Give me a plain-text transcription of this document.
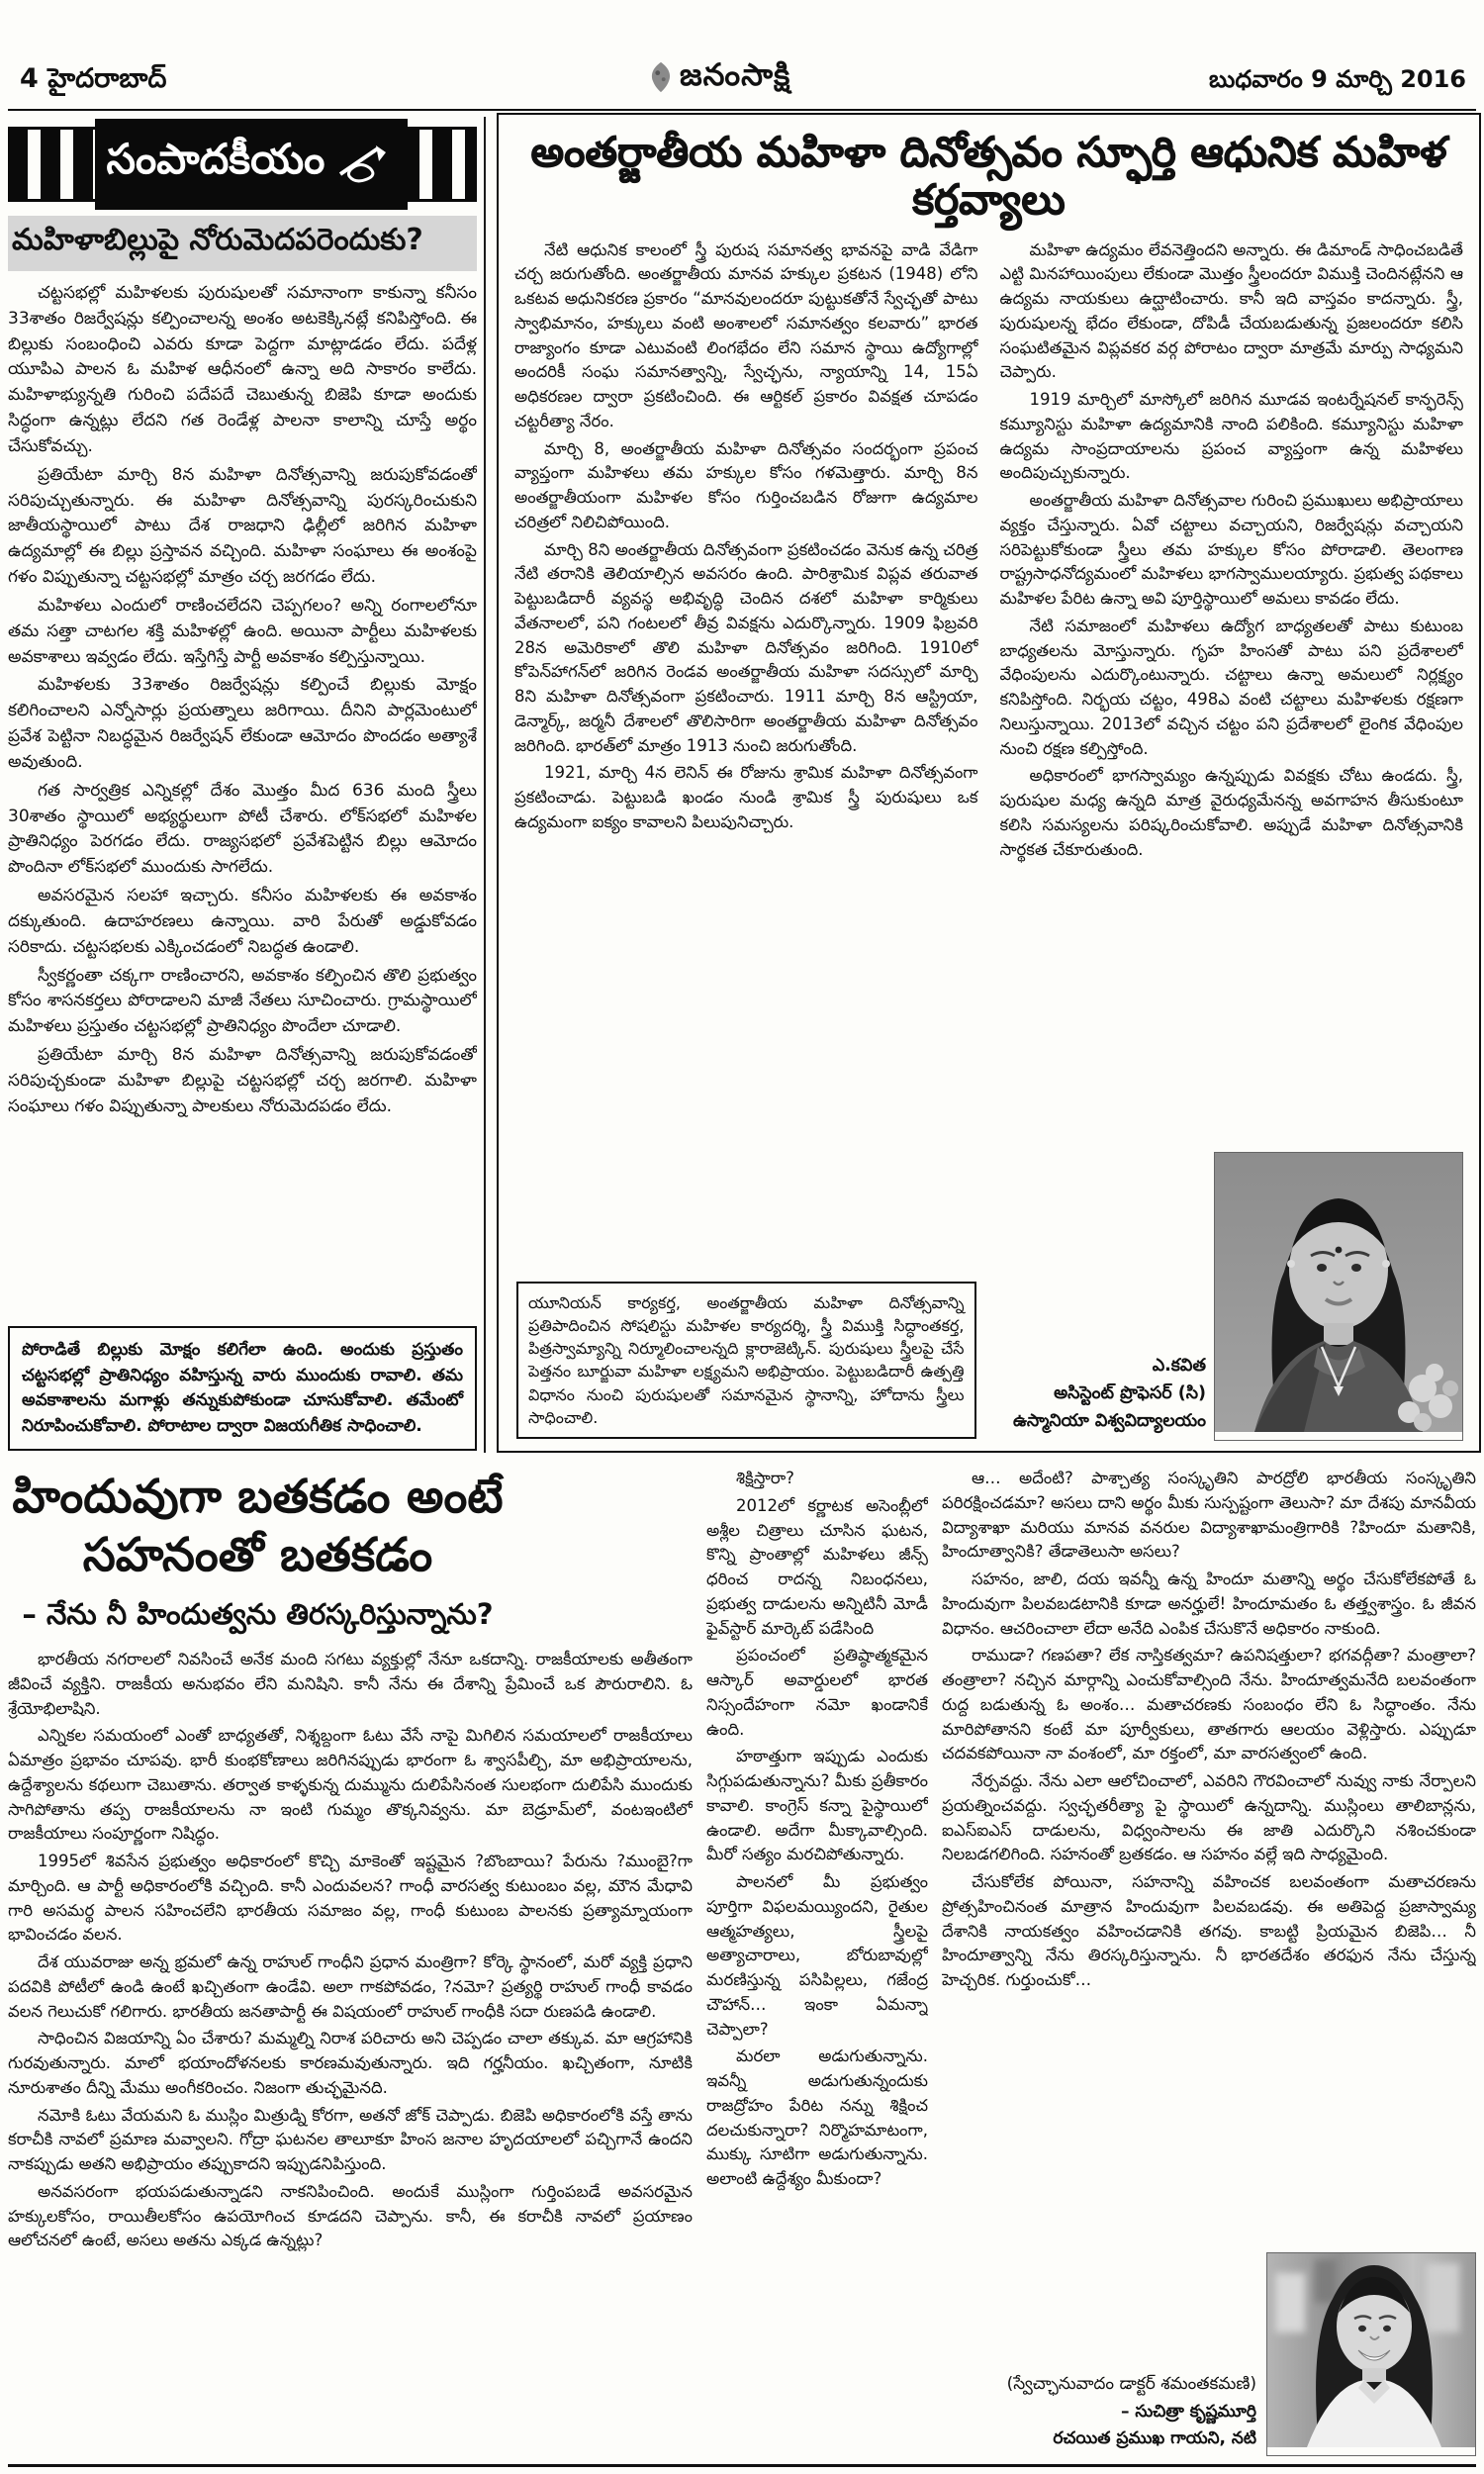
4 హైదరాబాద్	జనంసాక్షి	బుధవారం 9 మార్చి 2016
సంపాదకీయం
మహిళాబిల్లుపై నోరుమెదపరెందుకు?

చట్టసభల్లో మహిళలకు పురుషులతో సమానాంగా కాకున్నా కనీసం 33శాతం రిజర్వేషన్లు కల్పించాలన్న అంశం అటకెక్కినట్లే కనిపిస్తోంది. ఈ బిల్లుకు సంబంధించి ఎవరు కూడా పెద్దగా మాట్లాడడం లేదు. పదేళ్ల యూపిఎ పాలన ఓ మహిళ ఆధీనంలో ఉన్నా అది సాకారం కాలేదు. మహిళాభ్యున్నతి గురించి పదేపదే చెబుతున్న బిజెపి కూడా అందుకు సిద్ధంగా ఉన్నట్లు లేదని గత రెండేళ్ల పాలనా కాలాన్ని చూస్తే అర్థం చేసుకోవచ్చు.

ప్రతియేటా మార్చి 8న మహిళా దినోత్సవాన్ని జరుపుకోవడంతో సరిపుచ్చుతున్నారు. ఈ మహిళా దినోత్సవాన్ని పురస్కరించుకుని జాతీయస్థాయిలో పాటు దేశ రాజధాని ఢిల్లీలో జరిగిన మహిళా ఉద్యమాల్లో ఈ బిల్లు ప్రస్తావన వచ్చింది. మహిళా సంఘాలు ఈ అంశంపై గళం విప్పుతున్నా చట్టసభల్లో మాత్రం చర్చ జరగడం లేదు.

మహిళలు ఎందులో రాణించలేదని చెప్పగలం? అన్ని రంగాలలోనూ తమ సత్తా చాటగల శక్తి మహిళల్లో ఉంది. అయినా పార్టీలు మహిళలకు అవకాశాలు ఇవ్వడం లేదు. ఇస్తేగిస్తే పార్టీ అవకాశం కల్పిస్తున్నాయి.

మహిళలకు 33శాతం రిజర్వేషన్లు కల్పించే బిల్లుకు మోక్షం కలిగించాలని ఎన్నోసార్లు ప్రయత్నాలు జరిగాయి. దీనిని పార్లమెంటులో ప్రవేశ పెట్టినా నిబద్ధమైన రిజర్వేషన్ లేకుండా ఆమోదం పొందడం అత్యాశే అవుతుంది.

గత సార్వత్రిక ఎన్నికల్లో దేశం మొత్తం మీద 636 మంది స్త్రీలు 30శాతం స్థాయిలో అభ్యర్థులుగా పోటీ చేశారు. లోక్‌సభలో మహిళల ప్రాతినిధ్యం పెరగడం లేదు. రాజ్యసభలో ప్రవేశపెట్టిన బిల్లు ఆమోదం పొందినా లోక్‌సభలో ముందుకు సాగలేదు.

అవసరమైన సలహా ఇచ్చారు. కనీసం మహిళలకు ఈ అవకాశం దక్కుతుంది. ఉదాహరణలు ఉన్నాయి. వారి పేరుతో అడ్డుకోవడం సరికాదు. చట్టసభలకు ఎక్కించడంలో నిబద్ధత ఉండాలి.

స్వీకర్ణంతా చక్కగా రాణించారని, అవకాశం కల్పించిన తొలి ప్రభుత్వం కోసం శాసనకర్తలు పోరాడాలని మాజీ నేతలు సూచించారు. గ్రామస్థాయిలో మహిళలు ప్రస్తుతం చట్టసభల్లో ప్రాతినిధ్యం పొందేలా చూడాలి.

ప్రతియేటా మార్చి 8న మహిళా దినోత్సవాన్ని జరుపుకోవడంతో సరిపుచ్చకుండా మహిళా బిల్లుపై చట్టసభల్లో చర్చ జరగాలి. మహిళా సంఘాలు గళం విప్పుతున్నా పాలకులు నోరుమెదపడం లేదు.

పోరాడితే బిల్లుకు మోక్షం కలిగేలా ఉంది. అందుకు ప్రస్తుతం చట్టసభల్లో ప్రాతినిధ్యం వహిస్తున్న వారు ముందుకు రావాలి. తమ అవకాశాలను మగాళ్లు తన్నుకుపోకుండా చూసుకోవాలి. తమేంటో నిరూపించుకోవాలి. పోరాటాల ద్వారా విజయగీతిక సాధించాలి.
అంతర్జాతీయ మహిళా దినోత్సవం స్ఫూర్తి ఆధునిక మహిళ కర్తవ్యాలు

నేటి ఆధునిక కాలంలో స్త్రీ పురుష సమానత్వ భావనపై వాడి వేడిగా చర్చ జరుగుతోంది. అంతర్జాతీయ మానవ హక్కుల ప్రకటన (1948) లోని ఒకటవ అధునికరణ ప్రకారం “మానవులందరూ పుట్టుకతోనే స్వేచ్ఛతో పాటు స్వాభిమానం, హక్కులు వంటి అంశాలలో సమానత్వం కలవారు” భారత రాజ్యాంగం కూడా ఎటువంటి లింగభేదం లేని సమాన స్థాయి ఉద్యోగాల్లో అందరికీ సంఘ సమానత్వాన్ని, స్వేచ్ఛను, న్యాయాన్ని 14, 15ఏ అధికరణల ద్వారా ప్రకటించింది. ఈ ఆర్టికల్ ప్రకారం వివక్షత చూపడం చట్టరీత్యా నేరం.

మార్చి 8, అంతర్జాతీయ మహిళా దినోత్సవం సందర్భంగా ప్రపంచ వ్యాప్తంగా మహిళలు తమ హక్కుల కోసం గళమెత్తారు. మార్చి 8న అంతర్జాతీయంగా మహిళల కోసం గుర్తించబడిన రోజుగా ఉద్యమాల చరిత్రలో నిలిచిపోయింది.

మార్చి 8ని అంతర్జాతీయ దినోత్సవంగా ప్రకటించడం వెనుక ఉన్న చరిత్ర నేటి తరానికి తెలియాల్సిన అవసరం ఉంది. పారిశ్రామిక విప్లవ తరువాత పెట్టుబడిదారీ వ్యవస్థ అభివృద్ధి చెందిన దశలో మహిళా కార్మికులు వేతనాలలో, పని గంటలలో తీవ్ర వివక్షను ఎదుర్కొన్నారు. 1909 ఫిబ్రవరి 28న అమెరికాలో తొలి మహిళా దినోత్సవం జరిగింది. 1910లో కోపెన్‌హాగన్‌లో జరిగిన రెండవ అంతర్జాతీయ మహిళా సదస్సులో మార్చి 8ని మహిళా దినోత్సవంగా ప్రకటించారు. 1911 మార్చి 8న ఆస్ట్రియా, డెన్మార్క్, జర్మనీ దేశాలలో తొలిసారిగా అంతర్జాతీయ మహిళా దినోత్సవం జరిగింది. భారత్‌లో మాత్రం 1913 నుంచి జరుగుతోంది.

1921, మార్చి 4న లెనిన్ ఈ రోజును శ్రామిక మహిళా దినోత్సవంగా ప్రకటించాడు. పెట్టుబడి ఖండం నుండి శ్రామిక స్త్రీ పురుషులు ఒక ఉద్యమంగా ఐక్యం కావాలని పిలుపునిచ్చారు.

యూనియన్ కార్యకర్త, అంతర్జాతీయ మహిళా దినోత్సవాన్ని ప్రతిపాదించిన సోషలిస్టు మహిళల కార్యదర్శి, స్త్రీ విముక్తి సిద్ధాంతకర్త, పిత్రస్వామ్యాన్ని నిర్మూలించాలన్నది క్లారాజెట్కిన్. పురుషులు స్త్రీలపై చేసే పెత్తనం బూర్జువా మహిళా లక్ష్యమని అభిప్రాయం. పెట్టుబడిదారీ ఉత్పత్తి విధానం నుంచి పురుషులతో సమానమైన స్థానాన్ని, హోదాను స్త్రీలు సాధించాలి.

మహిళా ఉద్యమం లేవనెత్తిందని అన్నారు. ఈ డిమాండ్ సాధించబడితే ఎట్టి మినహాయింపులు లేకుండా మొత్తం స్త్రీలందరూ విముక్తి చెందినట్లేనని ఆ ఉద్యమ నాయకులు ఉద్ఘాటించారు. కానీ ఇది వాస్తవం కాదన్నారు. స్త్రీ, పురుషులన్న భేదం లేకుండా, దోపిడీ చేయబడుతున్న ప్రజలందరూ కలిసి సంఘటితమైన విప్లవకర వర్గ పోరాటం ద్వారా మాత్రమే మార్పు సాధ్యమని చెప్పారు.

1919 మార్చిలో మాస్కోలో జరిగిన మూడవ ఇంటర్నేషనల్ కాన్ఫరెన్స్ కమ్యూనిస్టు మహిళా ఉద్యమానికి నాంది పలికింది. కమ్యూనిస్టు మహిళా ఉద్యమ సాంప్రదాయాలను ప్రపంచ వ్యాప్తంగా ఉన్న మహిళలు అందిపుచ్చుకున్నారు.

అంతర్జాతీయ మహిళా దినోత్సవాల గురించి ప్రముఖులు అభిప్రాయాలు వ్యక్తం చేస్తున్నారు. ఏవో చట్టాలు వచ్చాయని, రిజర్వేషన్లు వచ్చాయని సరిపెట్టుకోకుండా స్త్రీలు తమ హక్కుల కోసం పోరాడాలి. తెలంగాణ రాష్ట్రసాధనోద్యమంలో మహిళలు భాగస్వాములయ్యారు. ప్రభుత్వ పథకాలు మహిళల పేరిట ఉన్నా అవి పూర్తిస్థాయిలో అమలు కావడం లేదు.

నేటి సమాజంలో మహిళలు ఉద్యోగ బాధ్యతలతో పాటు కుటుంబ బాధ్యతలను మోస్తున్నారు. గృహ హింసతో పాటు పని ప్రదేశాలలో వేధింపులను ఎదుర్కొంటున్నారు. చట్టాలు ఉన్నా అమలులో నిర్లక్ష్యం కనిపిస్తోంది. నిర్భయ చట్టం, 498ఎ వంటి చట్టాలు మహిళలకు రక్షణగా నిలుస్తున్నాయి. 2013లో వచ్చిన చట్టం పని ప్రదేశాలలో లైంగిక వేధింపుల నుంచి రక్షణ కల్పిస్తోంది.

అధికారంలో భాగస్వామ్యం ఉన్నప్పుడు వివక్షకు చోటు ఉండదు. స్త్రీ, పురుషుల మధ్య ఉన్నది మాత్ర వైరుధ్యమేనన్న అవగాహన తీసుకుంటూ కలిసి సమస్యలను పరిష్కరించుకోవాలి. అప్పుడే మహిళా దినోత్సవానికి సార్థకత చేకూరుతుంది.

ఎ.కవిత
అసిస్టెంట్ ప్రొఫెసర్ (సి)
ఉస్మానియా విశ్వవిద్యాలయం
హిందువుగా బతకడం అంటే
సహనంతో బతకడం
– నేను నీ హిందుత్వను తిరస్కరిస్తున్నాను?

భారతీయ నగరాలలో నివసించే అనేక మంది సగటు వ్యక్తుల్లో నేనూ ఒకదాన్ని. రాజకీయాలకు అతీతంగా జీవించే వ్యక్తిని. రాజకీయ అనుభవం లేని మనిషిని. కానీ నేను ఈ దేశాన్ని ప్రేమించే ఒక పౌరురాలిని. ఓ శ్రేయోభిలాషిని.

ఎన్నికల సమయంలో ఎంతో బాధ్యతతో, నిశ్శబ్దంగా ఓటు వేసే నాపై మిగిలిన సమయాలలో రాజకీయాలు ఏమాత్రం ప్రభావం చూపవు. భారీ కుంభకోణాలు జరిగినప్పుడు భారంగా ఓ శ్వాసపీల్చి, మా అభిప్రాయాలను, ఉద్దేశ్యాలను కథలుగా చెబుతాను. తర్వాత కాళ్ళకున్న దుమ్మును దులిపేసినంత సులభంగా దులిపేసి ముందుకు సాగిపోతాను తప్ప రాజకీయాలను నా ఇంటి గుమ్మం తొక్కనివ్వను. మా బెడ్రూమ్‌లో, వంటఇంటిలో రాజకీయాలు సంపూర్ణంగా నిషిద్ధం.

1995లో శివసేన ప్రభుత్వం అధికారంలో కొచ్చి మాకెంతో ఇష్టమైన ?బొంబాయి? పేరును ?ముంబై?గా మార్చింది. ఆ పార్టీ అధికారంలోకి వచ్చింది. కానీ ఎందువలన? గాంధీ వారసత్వ కుటుంబం వల్ల, మౌన మేధావి గారి అసమర్థ పాలన సహించలేని భారతీయ సమాజం వల్ల, గాంధీ కుటుంబ పాలనకు ప్రత్యామ్నాయంగా భావించడం వలన.

దేశ యువరాజు అన్న భ్రమలో ఉన్న రాహుల్ గాంధీని ప్రధాన మంత్రిగా? కోర్కె స్థానంలో, మరో వ్యక్తి ప్రధాని పదవికి పోటీలో ఉండి ఉంటే ఖచ్చితంగా ఉండేవి. అలా గాకపోవడం, ?నమో? ప్రత్యర్థి రాహుల్ గాంధీ కావడం వలన గెలుచుకో గలిగారు. భారతీయ జనతాపార్టీ ఈ విషయంలో రాహుల్ గాంధీకి సదా రుణపడి ఉండాలి.

సాధించిన విజయాన్ని ఏం చేశారు? మమ్మల్ని నిరాశ పరిచారు అని చెప్పడం చాలా తక్కువ. మా ఆగ్రహానికి గురవుతున్నారు. మాలో భయాందోళనలకు కారణమవుతున్నారు. ఇది గర్హనీయం. ఖచ్చితంగా, నూటికి నూరుశాతం దీన్ని మేము అంగీకరించం. నిజంగా తుచ్ఛమైనది.

నమోకి ఓటు వేయమని ఓ ముస్లిం మిత్రుడ్ని కోరగా, అతనో జోక్ చెప్పాడు. బిజెపి అధికారంలోకి వస్తే తాను కరాచీకి నావలో ప్రమాణ మవ్వాలని. గోద్రా ఘటనల తాలూకూ హింస జనాల హృదయాలలో పచ్చిగానే ఉందని నాకప్పుడు అతని అభిప్రాయం తప్పుకాదని ఇప్పుడనిపిస్తుంది.

అనవసరంగా భయపడుతున్నాడని నాకనిపించింది. అందుకే ముస్లింగా గుర్తింపబడే అవసరమైన హక్కులకోసం, రాయితీలకోసం ఉపయోగించ కూడదని చెప్పాను. కానీ, ఈ కరాచీకి నావలో ప్రయాణం ఆలోచనలో ఉంటే, అసలు అతను ఎక్కడ ఉన్నట్లు?

శిక్షిస్తారా?

2012లో కర్ణాటక అసెంబ్లీలో అశ్లీల చిత్రాలు చూసిన ఘటన, కొన్ని ప్రాంతాల్లో మహిళలు జీన్స్ ధరించ రాదన్న నిబంధనలు, ప్రభుత్వ దాడులను అన్నిటినీ మోడీ ఫైవ్‌స్టార్ మార్కెట్ పడేసింది

ప్రపంచంలో ప్రతిష్ఠాత్మకమైన ఆస్కార్ అవార్డులలో భారత నిస్సందేహంగా నమో ఖండానికే ఉంది.

హఠాత్తుగా ఇప్పుడు ఎందుకు సిగ్గుపడుతున్నాను? మీకు ప్రతీకారం కావాలి. కాంగ్రెస్ కన్నా పైస్థాయిలో ఉండాలి. అదేగా మీక్కావాల్సింది. మీరో సత్యం మరచిపోతున్నారు.

పాలనలో మీ ప్రభుత్వం పూర్తిగా విఫలమయ్యిందని, రైతుల ఆత్మహత్యలు, స్త్రీలపై అత్యాచారాలు, బోరుబావుల్లో మరణిస్తున్న పసిపిల్లలు, గజేంద్ర చౌహాన్… ఇంకా ఏమన్నా చెప్పాలా?

మరలా అడుగుతున్నాను. ఇవన్నీ అడుగుతున్నందుకు రాజద్రోహం పేరిట నన్ను శిక్షించ దలచుకున్నారా? నిర్మొహమాటంగా, ముక్కు సూటిగా అడుగుతున్నాను. అలాంటి ఉద్దేశ్యం మీకుందా?

ఆ… అదేంటి? పాశ్చాత్య సంస్కృతిని పారద్రోలి భారతీయ సంస్కృతిని పరిరక్షించడమా? అసలు దాని అర్థం మీకు సుస్పష్టంగా తెలుసా? మా దేశపు మానవీయ విద్యాశాఖా మరియు మానవ వనరుల విద్యాశాఖామంత్రిగారికి ?హిందూ మతానికి, హిందూత్వానికి? తేడాతెలుసా అసలు?

సహనం, జాలి, దయ ఇవన్నీ ఉన్న హిందూ మతాన్ని అర్థం చేసుకోలేకపోతే ఓ హిందువుగా పిలవబడటానికి కూడా అనర్హులే! హిందూమతం ఓ తత్త్వశాస్త్రం. ఓ జీవన విధానం. ఆచరించాలా లేదా అనేది ఎంపిక చేసుకొనే అధికారం నాకుంది.

రాముడా? గణపతా? లేక నాస్తికత్వమా? ఉపనిషత్తులా? భగవద్గీతా? మంత్రాలా? తంత్రాలా? నచ్చిన మార్గాన్ని ఎంచుకోవాల్సింది నేను. హిందూత్వమనేది బలవంతంగా రుద్ద బడుతున్న ఓ అంశం… మతాచరణకు సంబంధం లేని ఓ సిద్ధాంతం. నేను మారిపోతానని కంటే మా పూర్వీకులు, తాతగారు ఆలయం వెళ్లిస్తారు. ఎప్పుడూ చదవకపోయినా నా వంశంలో, మా రక్తంలో, మా వారసత్వంలో ఉంది.

నేర్పవద్దు. నేను ఎలా ఆలోచించాలో, ఎవరిని గౌరవించాలో నువ్వు నాకు నేర్పాలని ప్రయత్నించవద్దు. స్వచ్ఛతరీత్యా పై స్థాయిలో ఉన్నదాన్ని. ముస్లింలు తాలిబాన్లను, ఐఎస్ఐఎస్ దాడులను, విధ్వంసాలను ఈ జాతి ఎదుర్కొని నశించకుండా నిలబడగలిగింది. సహనంతో బ్రతకడం. ఆ సహనం వల్లే ఇది సాధ్యమైంది.

చేసుకోలేక పోయినా, సహనాన్ని వహించక బలవంతంగా మతాచరణను ప్రోత్సహించినంత మాత్రాన హిందువుగా పిలవబడవు. ఈ అతిపెద్ద ప్రజాస్వామ్య దేశానికి నాయకత్వం వహించడానికి తగవు. కాబట్టి ప్రియమైన బిజెపి… నీ హిందూత్వాన్ని నేను తిరస్కరిస్తున్నాను. నీ భారతదేశం తరఫున నేను చేస్తున్న హెచ్చరిక. గుర్తుంచుకో…

(స్వేచ్ఛానువాదం డాక్టర్ శమంతకమణి)
– సుచిత్రా కృష్ణమూర్తి
రచయిత ప్రముఖ గాయని, నటి
